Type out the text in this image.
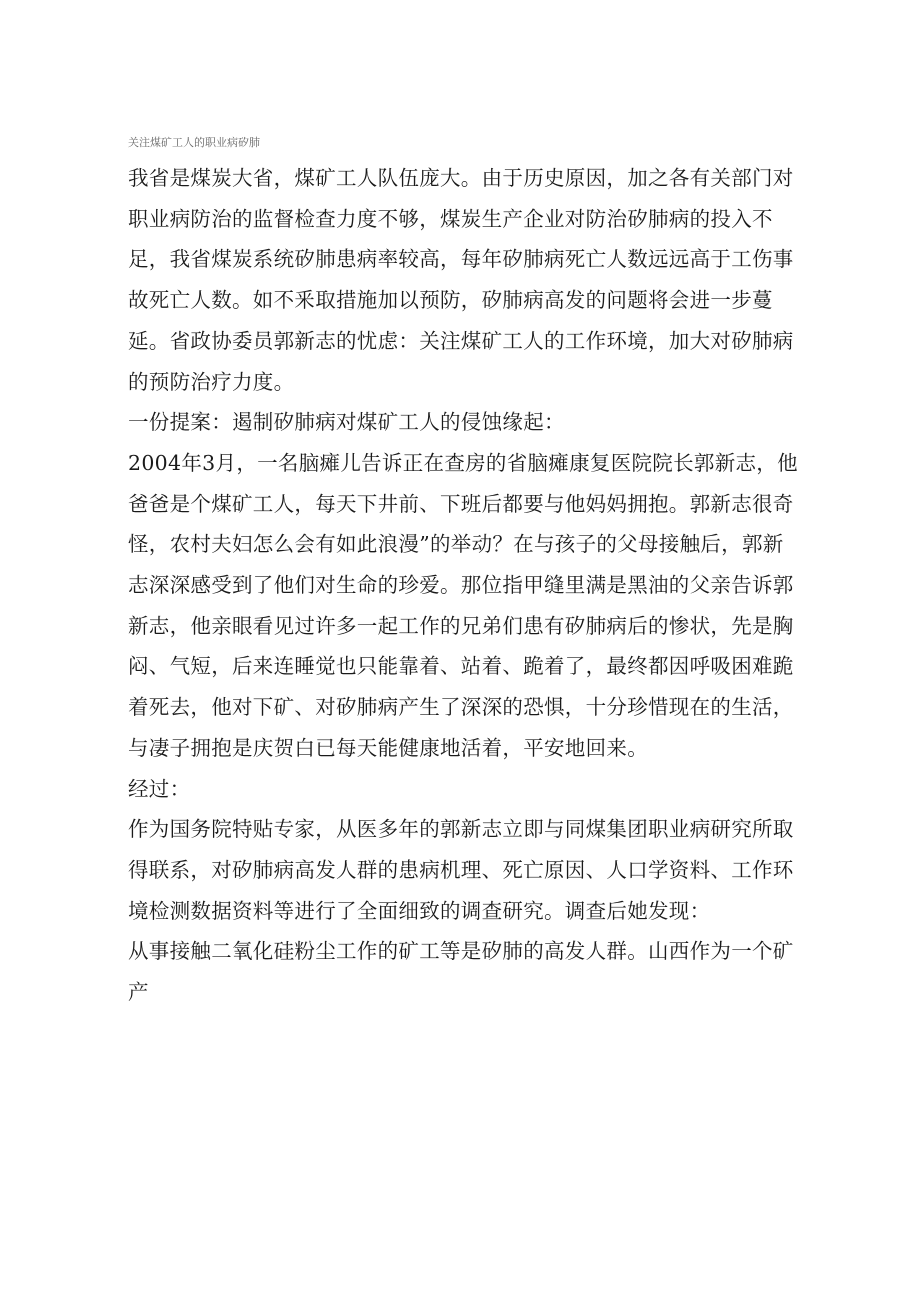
关注煤矿工人的职业病矽肺

我省是煤炭大省，煤矿工人队伍庞大。由于历史原因，加之各有关部门对职业病防治的监督检查力度不够，煤炭生产企业对防治矽肺病的投入不足，我省煤炭系统矽肺患病率较高，每年矽肺病死亡人数远远高于工伤事故死亡人数。如不釆取措施加以预防，矽肺病高发的问题将会进一步蔓延。省政协委员郭新志的忧虑：关注煤矿工人的工作环境，加大对矽肺病的预防治疗力度。

一份提案：遏制矽肺病对煤矿工人的侵蚀缘起：

2004年3月，一名脑瘫儿告诉正在查房的省脑瘫康复医院院长郭新志，他爸爸是个煤矿工人，每天下井前、下班后都要与他妈妈拥抱。郭新志很奇怪，农村夫妇怎么会有如此浪漫”的举动？在与孩子的父母接触后，郭新志深深感受到了他们对生命的珍爱。那位指甲缝里满是黑油的父亲告诉郭新志，他亲眼看见过许多一起工作的兄弟们患有矽肺病后的惨状，先是胸闷、气短，后来连睡觉也只能靠着、站着、跪着了，最终都因呼吸困难跪着死去，他对下矿、对矽肺病产生了深深的恐惧，十分珍惜现在的生活，与凄子拥抱是庆贺白已每天能健康地活着，平安地回来。

经过：

作为国务院特贴专家，从医多年的郭新志立即与同煤集团职业病研究所取得联系，对矽肺病高发人群的患病机理、死亡原因、人口学资料、工作环境检测数据资料等进行了全面细致的调查研究。调查后她发现：

从事接触二氧化硅粉尘工作的矿工等是矽肺的高发人群。山西作为一个矿产
